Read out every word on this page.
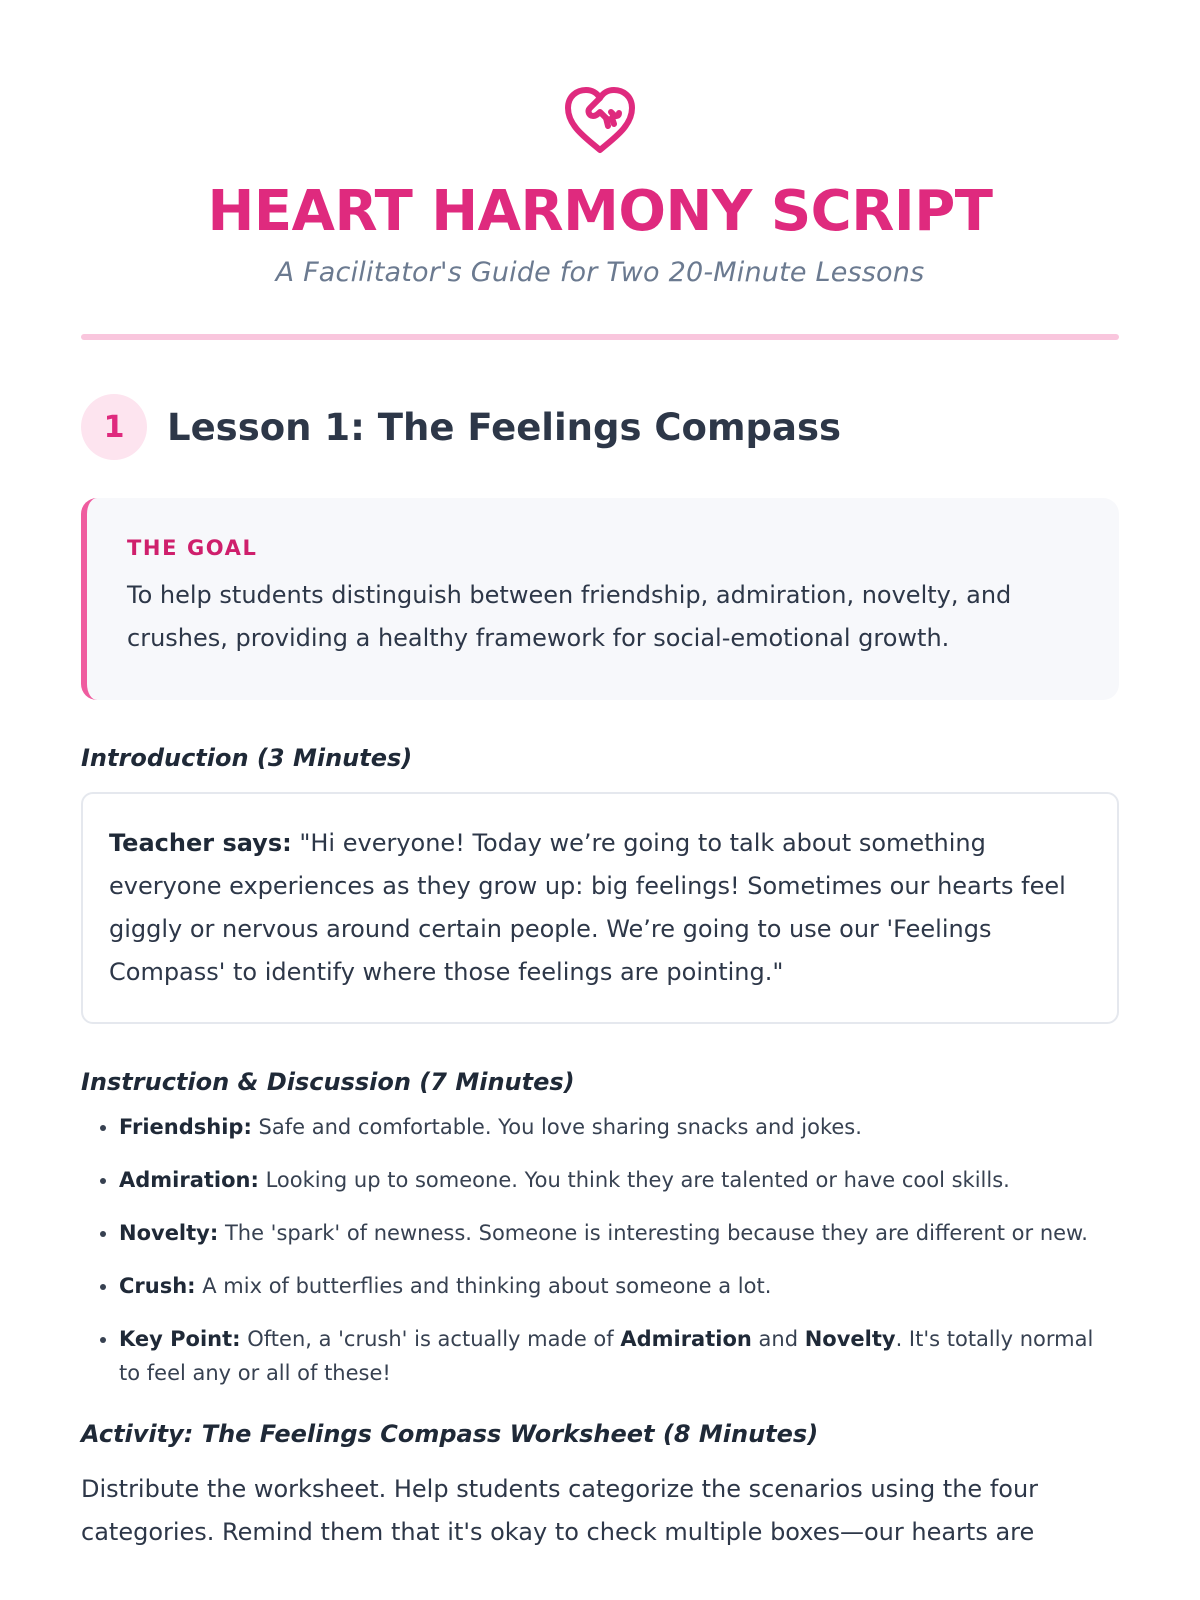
HEART HARMONY SCRIPT
A Facilitator's Guide for Two 20-Minute Lessons
1	Lesson 1: The Feelings Compass
THE GOAL
To help students distinguish between friendship, admiration, novelty, and crushes, providing a healthy framework for social-emotional growth.
Introduction (3 Minutes)
Teacher says: "Hi everyone! Today we’re going to talk about something everyone experiences as they grow up: big feelings! Sometimes our hearts feel giggly or nervous around certain people. We’re going to use our 'Feelings Compass' to identify where those feelings are pointing."
Instruction & Discussion (7 Minutes)
• Friendship: Safe and comfortable. You love sharing snacks and jokes.
• Admiration: Looking up to someone. You think they are talented or have cool skills.
• Novelty: The 'spark' of newness. Someone is interesting because they are different or new.
• Crush: A mix of butterflies and thinking about someone a lot.
• Key Point: Often, a 'crush' is actually made of Admiration and Novelty. It's totally normal to feel any or all of these!
Activity: The Feelings Compass Worksheet (8 Minutes)
Distribute the worksheet. Help students categorize the scenarios using the four categories. Remind them that it's okay to check multiple boxes—our hearts are
